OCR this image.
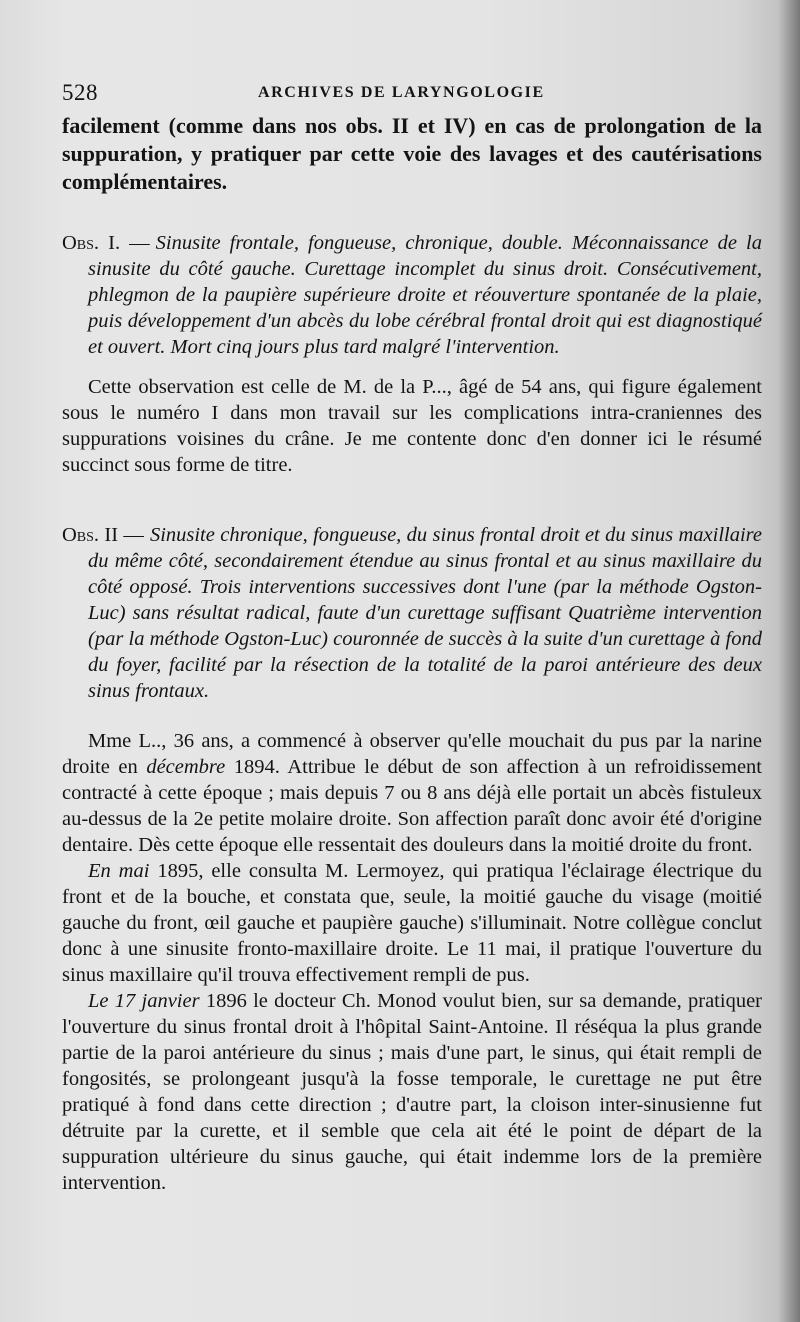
528	ARCHIVES DE LARYNGOLOGIE

facilement (comme dans nos obs. II et IV) en cas de prolongation de la suppuration, y pratiquer par cette voie des lavages et des cautérisations complémentaires.

Obs. I. — Sinusite frontale, fongueuse, chronique, double. Méconnaissance de la sinusite du côté gauche. Curettage incomplet du sinus droit. Consécutivement, phlegmon de la paupière supérieure droite et réouverture spontanée de la plaie, puis développement d'un abcès du lobe cérébral frontal droit qui est diagnostiqué et ouvert. Mort cinq jours plus tard malgré l'intervention.

Cette observation est celle de M. de la P..., âgé de 54 ans, qui figure également sous le numéro I dans mon travail sur les complications intra-craniennes des suppurations voisines du crâne. Je me contente donc d'en donner ici le résumé succinct sous forme de titre.

Obs. II — Sinusite chronique, fongueuse, du sinus frontal droit et du sinus maxillaire du même côté, secondairement étendue au sinus frontal et au sinus maxillaire du côté opposé. Trois interventions successives dont l'une (par la méthode Ogston-Luc) sans résultat radical, faute d'un curettage suffisant Quatrième intervention (par la méthode Ogston-Luc) couronnée de succès à la suite d'un curettage à fond du foyer, facilité par la résection de la totalité de la paroi antérieure des deux sinus frontaux.

Mme L.., 36 ans, a commencé à observer qu'elle mouchait du pus par la narine droite en décembre 1894. Attribue le début de son affection à un refroidissement contracté à cette époque ; mais depuis 7 ou 8 ans déjà elle portait un abcès fistuleux au-dessus de la 2e petite molaire droite. Son affection paraît donc avoir été d'origine dentaire. Dès cette époque elle ressentait des douleurs dans la moitié droite du front.

En mai 1895, elle consulta M. Lermoyez, qui pratiqua l'éclairage électrique du front et de la bouche, et constata que, seule, la moitié gauche du visage (moitié gauche du front, œil gauche et paupière gauche) s'illuminait. Notre collègue conclut donc à une sinusite fronto-maxillaire droite. Le 11 mai, il pratique l'ouverture du sinus maxillaire qu'il trouva effectivement rempli de pus.

Le 17 janvier 1896 le docteur Ch. Monod voulut bien, sur sa demande, pratiquer l'ouverture du sinus frontal droit à l'hôpital Saint-Antoine. Il réséqua la plus grande partie de la paroi antérieure du sinus ; mais d'une part, le sinus, qui était rempli de fongosités, se prolongeant jusqu'à la fosse temporale, le curettage ne put être pratiqué à fond dans cette direction ; d'autre part, la cloison inter-sinusienne fut détruite par la curette, et il semble que cela ait été le point de départ de la suppuration ultérieure du sinus gauche, qui était indemme lors de la première intervention.
